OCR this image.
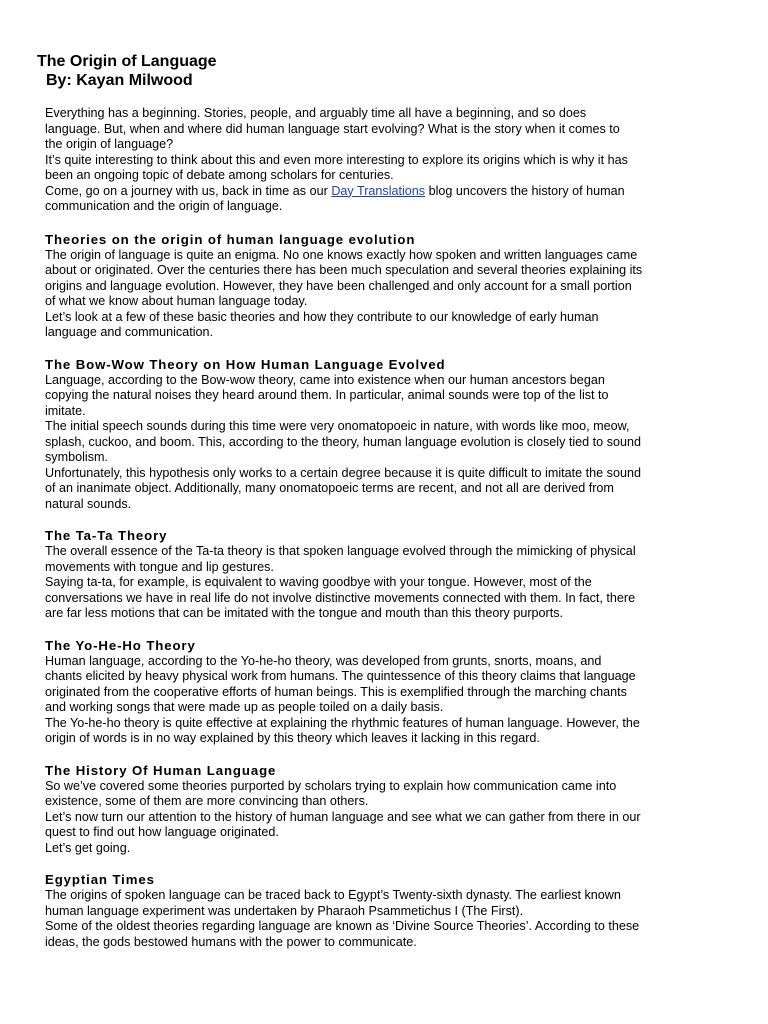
The Origin of Language
By: Kayan Milwood
Everything has a beginning. Stories, people, and arguably time all have a beginning, and so does
language. But, when and where did human language start evolving? What is the story when it comes to
the origin of language?
It’s quite interesting to think about this and even more interesting to explore its origins which is why it has
been an ongoing topic of debate among scholars for centuries.
Come, go on a journey with us, back in time as our Day Translations blog uncovers the history of human
communication and the origin of language.
Theories on the origin of human language evolution
The origin of language is quite an enigma. No one knows exactly how spoken and written languages came
about or originated. Over the centuries there has been much speculation and several theories explaining its
origins and language evolution. However, they have been challenged and only account for a small portion
of what we know about human language today.
Let’s look at a few of these basic theories and how they contribute to our knowledge of early human
language and communication.
The Bow-Wow Theory on How Human Language Evolved
Language, according to the Bow-wow theory, came into existence when our human ancestors began
copying the natural noises they heard around them. In particular, animal sounds were top of the list to
imitate.
The initial speech sounds during this time were very onomatopoeic in nature, with words like moo, meow,
splash, cuckoo, and boom. This, according to the theory, human language evolution is closely tied to sound
symbolism.
Unfortunately, this hypothesis only works to a certain degree because it is quite difficult to imitate the sound
of an inanimate object. Additionally, many onomatopoeic terms are recent, and not all are derived from
natural sounds.
The Ta-Ta Theory
The overall essence of the Ta-ta theory is that spoken language evolved through the mimicking of physical
movements with tongue and lip gestures.
Saying ta-ta, for example, is equivalent to waving goodbye with your tongue. However, most of the
conversations we have in real life do not involve distinctive movements connected with them. In fact, there
are far less motions that can be imitated with the tongue and mouth than this theory purports.
The Yo-He-Ho Theory
Human language, according to the Yo-he-ho theory, was developed from grunts, snorts, moans, and
chants elicited by heavy physical work from humans. The quintessence of this theory claims that language
originated from the cooperative efforts of human beings. This is exemplified through the marching chants
and working songs that were made up as people toiled on a daily basis.
The Yo-he-ho theory is quite effective at explaining the rhythmic features of human language. However, the
origin of words is in no way explained by this theory which leaves it lacking in this regard.
The History Of Human Language
So we’ve covered some theories purported by scholars trying to explain how communication came into
existence, some of them are more convincing than others.
Let’s now turn our attention to the history of human language and see what we can gather from there in our
quest to find out how language originated.
Let’s get going.
Egyptian Times
The origins of spoken language can be traced back to Egypt’s Twenty-sixth dynasty. The earliest known
human language experiment was undertaken by Pharaoh Psammetichus I (The First).
Some of the oldest theories regarding language are known as ‘Divine Source Theories’. According to these
ideas, the gods bestowed humans with the power to communicate.
